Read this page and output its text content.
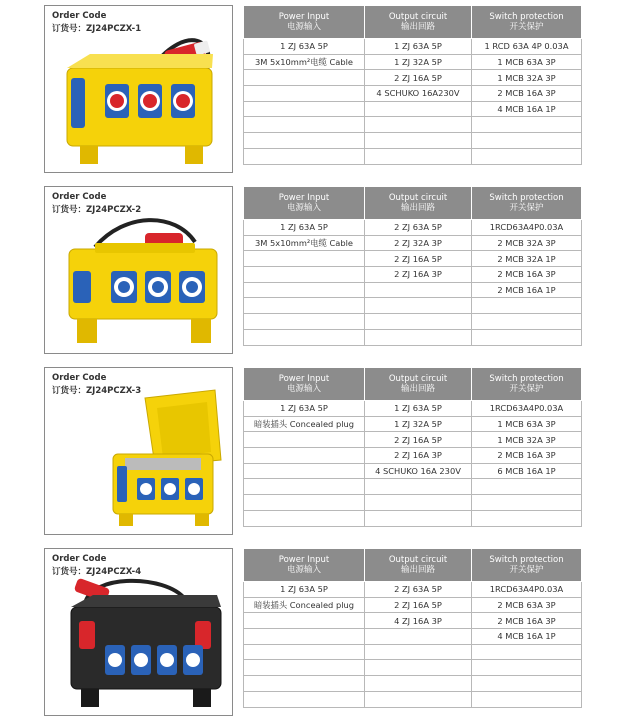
Order Code
订货号：ZJ24PCZX-1
Power Input
电源输入	Output circuit
输出回路	Switch protection
开关保护

1 ZJ 63A 5P	1 ZJ 63A 5P	1 RCD 63A 4P 0.03A
3M 5x10mm²电缆 Cable	1 ZJ 32A 5P	1 MCB 63A 3P
	2 ZJ 16A 5P	1 MCB 32A 3P
	4 SCHUKO 16A230V	2 MCB 16A 3P
		4 MCB 16A 1P

Order Code
订货号：ZJ24PCZX-2
Power Input
电源输入	Output circuit
输出回路	Switch protection
开关保护

1 ZJ 63A 5P	2 ZJ 63A 5P	1RCD63A4P0.03A
3M 5x10mm²电缆 Cable	2 ZJ 32A 3P	2 MCB 32A 3P
	2 ZJ 16A 5P	2 MCB 32A 1P
	2 ZJ 16A 3P	2 MCB 16A 3P
		2 MCB 16A 1P

Order Code
订货号：ZJ24PCZX-3
Power Input
电源输入	Output circuit
输出回路	Switch protection
开关保护

1 ZJ 63A 5P	1 ZJ 63A 5P	1RCD63A4P0.03A
暗装插头 Concealed plug	1 ZJ 32A 5P	1 MCB 63A 3P
	2 ZJ 16A 5P	1 MCB 32A 3P
	2 ZJ 16A 3P	2 MCB 16A 3P
	4 SCHUKO 16A 230V	6 MCB 16A 1P

Order Code
订货号：ZJ24PCZX-4
Power Input
电源输入	Output circuit
输出回路	Switch protection
开关保护

1 ZJ 63A 5P	2 ZJ 63A 5P	1RCD63A4P0.03A
暗装插头 Concealed plug	2 ZJ 16A 5P	2 MCB 63A 3P
	4 ZJ 16A 3P	2 MCB 16A 3P
		4 MCB 16A 1P
